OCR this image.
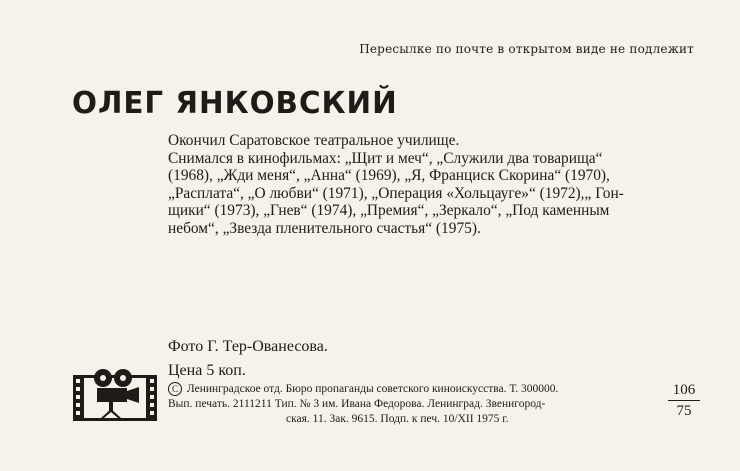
Пересылке по почте в открытом виде не подлежит
ОЛЕГ ЯНКОВСКИЙ
Окончил Саратовское театральное училище.
Снимался в кинофильмах: „Щит и меч“, „Служили два товарища“
(1968), „Жди меня“, „Анна“ (1969), „Я, Франциск Скорина“ (1970),
„Расплата“, „О любви“ (1971), „Операция «Хольцауге»“ (1972),„ Гон-
щики“ (1973), „Гнев“ (1974), „Премия“, „Зеркало“, „Под каменным
небом“, „Звезда пленительного счастья“ (1975).
Фото Г. Тер-Ованесова.
Цена 5 коп.
С Ленинградское отд. Бюро пропаганды советского киноискусства. Т. 300000.
Вып. печать. 2111211 Тип. № 3 им. Ивана Федорова. Ленинград. Звенигород-
ская. 11. Зак. 9615. Подп. к печ. 10/XII 1975 г.
106
75
